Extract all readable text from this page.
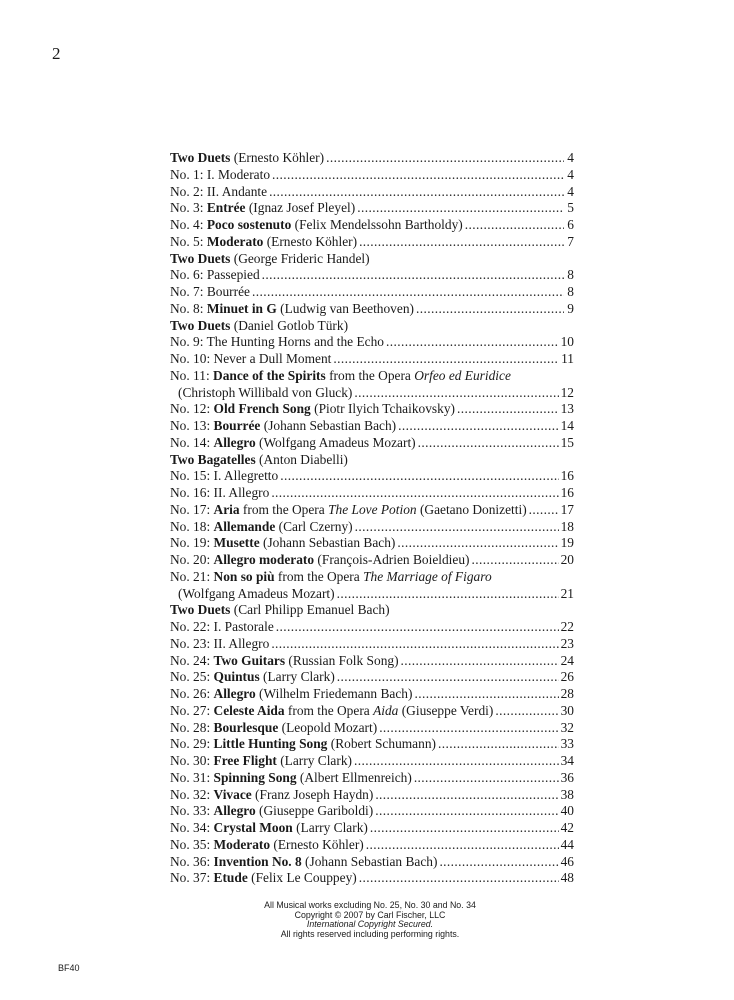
2
Two Duets (Ernesto Köhler) .....	4
No. 1: I. Moderato .....	4
No. 2: II. Andante .....	4
No. 3: Entrée (Ignaz Josef Pleyel) .....	5
No. 4: Poco sostenuto (Felix Mendelssohn Bartholdy) .....	6
No. 5: Moderato (Ernesto Köhler) .....	7
Two Duets (George Frideric Handel)
No. 6: Passepied .....	8
No. 7: Bourrée .....	8
No. 8: Minuet in G (Ludwig van Beethoven) .....	9
Two Duets (Daniel Gotlob Türk)
No. 9: The Hunting Horns and the Echo .....	10
No. 10: Never a Dull Moment .....	11
No. 11: Dance of the Spirits from the Opera Orfeo ed Euridice
(Christoph Willibald von Gluck) .....	12
No. 12: Old French Song (Piotr Ilyich Tchaikovsky) .....	13
No. 13: Bourrée (Johann Sebastian Bach) .....	14
No. 14: Allegro (Wolfgang Amadeus Mozart) .....	15
Two Bagatelles (Anton Diabelli)
No. 15: I. Allegretto .....	16
No. 16: II. Allegro .....	16
No. 17: Aria from the Opera The Love Potion (Gaetano Donizetti) .....	17
No. 18: Allemande (Carl Czerny) .....	18
No. 19: Musette (Johann Sebastian Bach) .....	19
No. 20: Allegro moderato (François-Adrien Boieldieu) .....	20
No. 21: Non so più from the Opera The Marriage of Figaro
(Wolfgang Amadeus Mozart) .....	21
Two Duets (Carl Philipp Emanuel Bach)
No. 22: I. Pastorale .....	22
No. 23: II. Allegro .....	23
No. 24: Two Guitars (Russian Folk Song) .....	24
No. 25: Quintus (Larry Clark) .....	26
No. 26: Allegro (Wilhelm Friedemann Bach) .....	28
No. 27: Celeste Aida from the Opera Aida (Giuseppe Verdi) .....	30
No. 28: Bourlesque (Leopold Mozart) .....	32
No. 29: Little Hunting Song (Robert Schumann) .....	33
No. 30: Free Flight (Larry Clark) .....	34
No. 31: Spinning Song (Albert Ellmenreich) .....	36
No. 32: Vivace (Franz Joseph Haydn) .....	38
No. 33: Allegro (Giuseppe Gariboldi) .....	40
No. 34: Crystal Moon (Larry Clark) .....	42
No. 35: Moderato (Ernesto Köhler) .....	44
No. 36: Invention No. 8 (Johann Sebastian Bach) .....	46
No. 37: Etude (Felix Le Couppey) .....	48
All Musical works excluding No. 25, No. 30 and No. 34
Copyright © 2007 by Carl Fischer, LLC
International Copyright Secured.
All rights reserved including performing rights.
BF40
